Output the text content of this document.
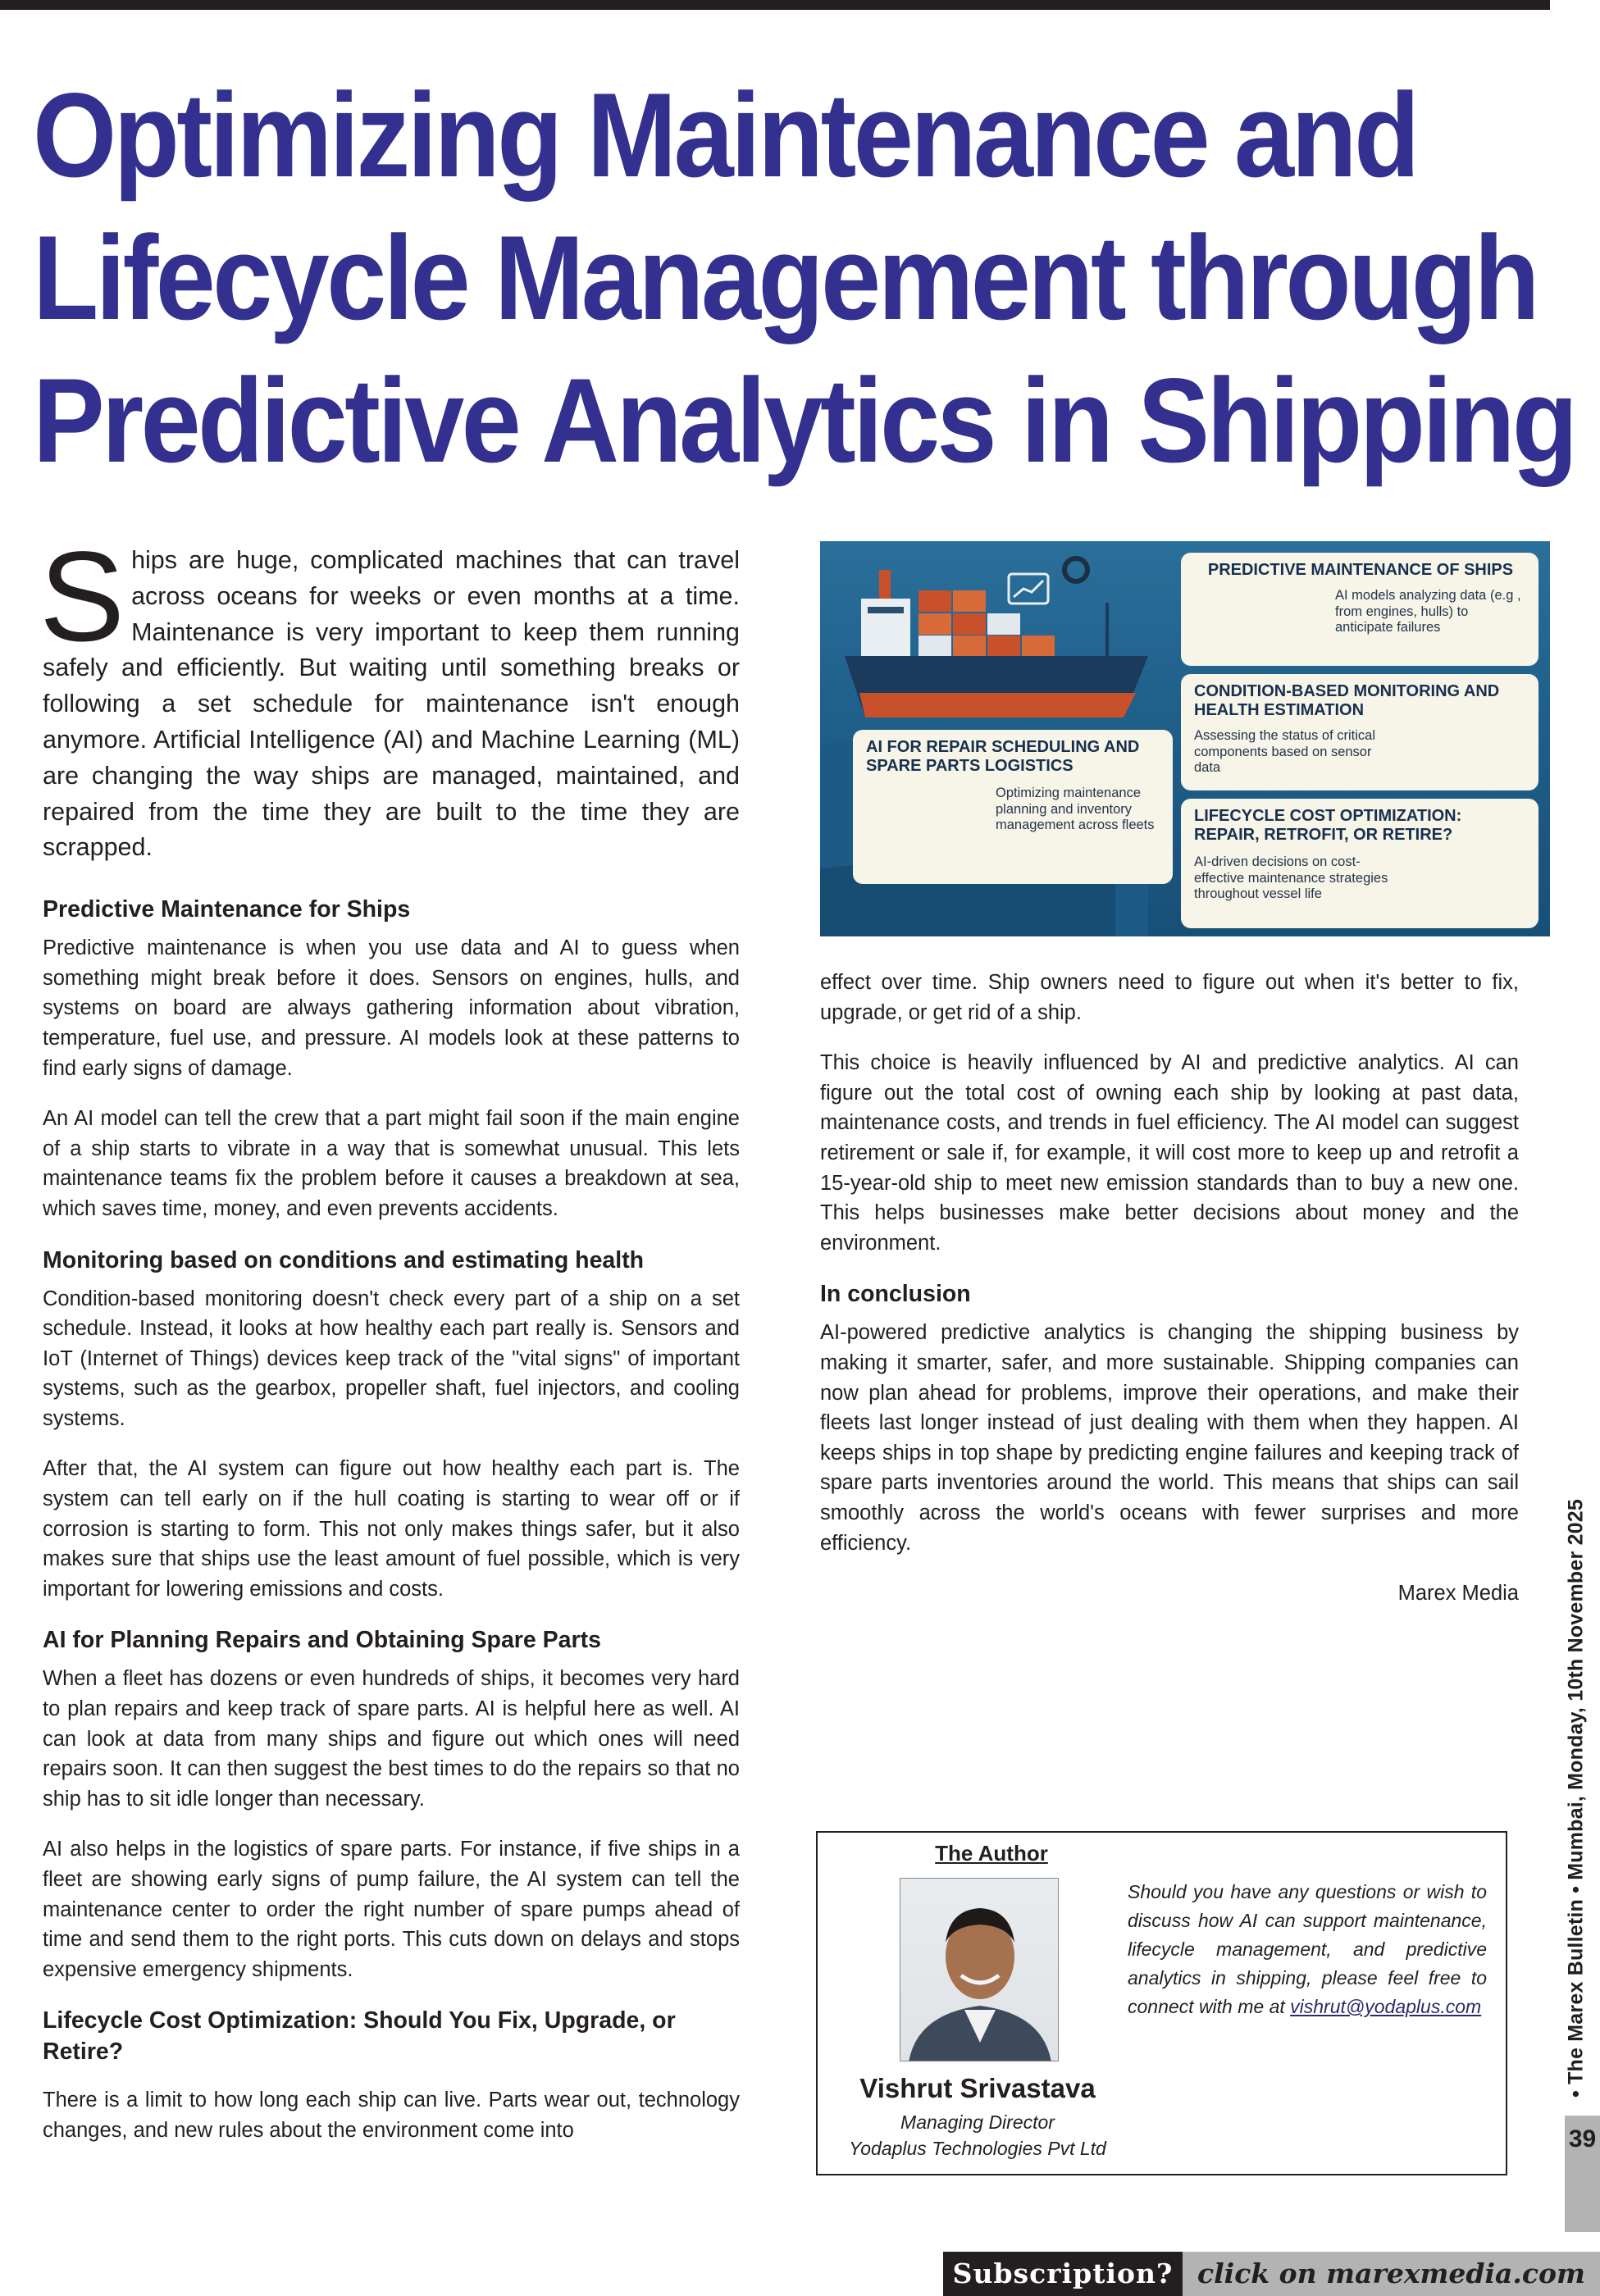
Optimizing Maintenance and
Lifecycle Management through
Predictive Analytics in Shipping

Ships are huge, complicated machines that can travel across oceans for weeks or even months at a time. Maintenance is very important to keep them running safely and efficiently. But waiting until something breaks or following a set schedule for maintenance isn't enough anymore. Artificial Intelligence (AI) and Machine Learning (ML) are changing the way ships are managed, maintained, and repaired from the time they are built to the time they are scrapped.

Predictive Maintenance for Ships

Predictive maintenance is when you use data and AI to guess when something might break before it does. Sensors on engines, hulls, and systems on board are always gathering information about vibration, temperature, fuel use, and pressure. AI models look at these patterns to find early signs of damage.

An AI model can tell the crew that a part might fail soon if the main engine of a ship starts to vibrate in a way that is somewhat unusual. This lets maintenance teams fix the problem before it causes a breakdown at sea, which saves time, money, and even prevents accidents.

Monitoring based on conditions and estimating health

Condition-based monitoring doesn't check every part of a ship on a set schedule. Instead, it looks at how healthy each part really is. Sensors and IoT (Internet of Things) devices keep track of the "vital signs" of important systems, such as the gearbox, propeller shaft, fuel injectors, and cooling systems.

After that, the AI system can figure out how healthy each part is. The system can tell early on if the hull coating is starting to wear off or if corrosion is starting to form. This not only makes things safer, but it also makes sure that ships use the least amount of fuel possible, which is very important for lowering emissions and costs.

AI for Planning Repairs and Obtaining Spare Parts

When a fleet has dozens or even hundreds of ships, it becomes very hard to plan repairs and keep track of spare parts. AI is helpful here as well. AI can look at data from many ships and figure out which ones will need repairs soon. It can then suggest the best times to do the repairs so that no ship has to sit idle longer than necessary.

AI also helps in the logistics of spare parts. For instance, if five ships in a fleet are showing early signs of pump failure, the AI system can tell the maintenance center to order the right number of spare pumps ahead of time and send them to the right ports. This cuts down on delays and stops expensive emergency shipments.

Lifecycle Cost Optimization: Should You Fix, Upgrade, or Retire?

There is a limit to how long each ship can live. Parts wear out, technology changes, and new rules about the environment come into

PREDICTIVE MAINTENANCE OF SHIPS
AI models analyzing data (e.g , from engines, hulls) to anticipate failures
CONDITION-BASED MONITORING AND HEALTH ESTIMATION
Assessing the status of critical components based on sensor data
AI FOR REPAIR SCHEDULING AND SPARE PARTS LOGISTICS
Optimizing maintenance planning and inventory management across fleets	LIFECYCLE COST OPTIMIZATION: REPAIR, RETROFIT, OR RETIRE?
AI-driven decisions on cost-effective maintenance strategies throughout vessel life

effect over time. Ship owners need to figure out when it's better to fix, upgrade, or get rid of a ship.

This choice is heavily influenced by AI and predictive analytics. AI can figure out the total cost of owning each ship by looking at past data, maintenance costs, and trends in fuel efficiency. The AI model can suggest retirement or sale if, for example, it will cost more to keep up and retrofit a 15-year-old ship to meet new emission standards than to buy a new one. This helps businesses make better decisions about money and the environment.

In conclusion

AI-powered predictive analytics is changing the shipping business by making it smarter, safer, and more sustainable. Shipping companies can now plan ahead for problems, improve their operations, and make their fleets last longer instead of just dealing with them when they happen. AI keeps ships in top shape by predicting engine failures and keeping track of spare parts inventories around the world. This means that ships can sail smoothly across the world's oceans with fewer surprises and more efficiency.

Marex Media

The Author
Vishrut Srivastava
Managing Director
Yodaplus Technologies Pvt Ltd

Should you have any questions or wish to discuss how AI can support maintenance, lifecycle management, and predictive analytics in shipping, please feel free to connect with me at vishrut@yodaplus.com	• The Marex Bulletin • Mumbai, Monday, 10th November 2025
39
Subscription? click on marexmedia.com
